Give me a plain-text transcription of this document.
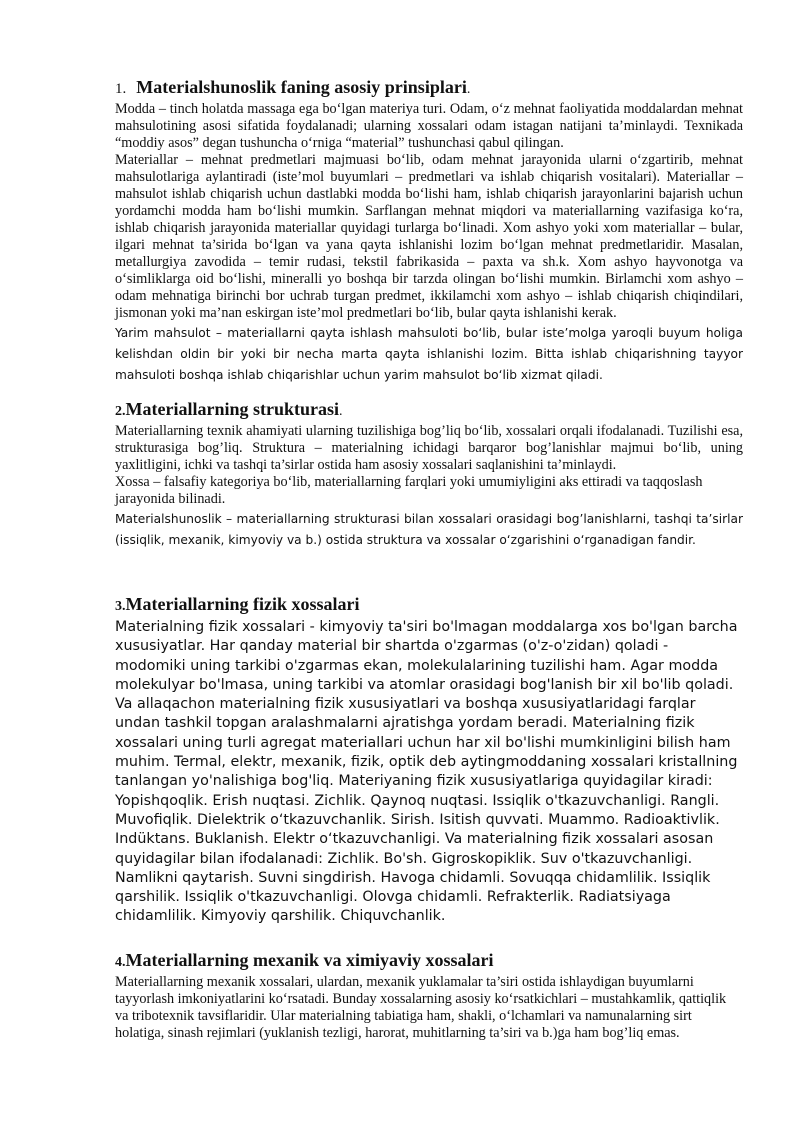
1. Materialshunoslik faning asosiy prinsiplari.

Modda – tinch holatda massaga ega bo‘lgan materiya turi. Odam, o‘z mehnat faoliyatida moddalardan mehnat mahsulotining asosi sifatida foydalanadi; ularning xossalari odam istagan natijani ta’minlaydi. Texnikada “moddiy asos” degan tushuncha o‘rniga “material” tushunchasi qabul qilingan.

Materiallar – mehnat predmetlari majmuasi bo‘lib, odam mehnat jarayonida ularni o‘zgartirib, mehnat mahsulotlariga aylantiradi (iste’mol buyumlari – predmetlari va ishlab chiqarish vositalari). Materiallar – mahsulot ishlab chiqarish uchun dastlabki modda bo‘lishi ham, ishlab chiqarish jarayonlarini bajarish uchun yordamchi modda ham bo‘lishi mumkin. Sarflangan mehnat miqdori va materiallarning vazifasiga ko‘ra, ishlab chiqarish jarayonida materiallar quyidagi turlarga bo‘linadi. Xom ashyo yoki xom materiallar – bular, ilgari mehnat ta’sirida bo‘lgan va yana qayta ishlanishi lozim bo‘lgan mehnat predmetlaridir. Masalan, metallurgiya zavodida – temir rudasi, tekstil fabrikasida – paxta va sh.k. Xom ashyo hayvonotga va o‘simliklarga oid bo‘lishi, mineralli yo boshqa bir tarzda olingan bo‘lishi mumkin. Birlamchi xom ashyo – odam mehnatiga birinchi bor uchrab turgan predmet, ikkilamchi xom ashyo – ishlab chiqarish chiqindilari, jismonan yoki ma’nan eskirgan iste’mol predmetlari bo‘lib, bular qayta ishlanishi kerak.

Yarim mahsulot – materiallarni qayta ishlash mahsuloti bo‘lib, bular iste’molga yaroqli buyum holiga kelishdan oldin bir yoki bir necha marta qayta ishlanishi lozim. Bitta ishlab chiqarishning tayyor mahsuloti boshqa ishlab chiqarishlar uchun yarim mahsulot bo‘lib xizmat qiladi.

2.Materiallarning strukturasi.

Materiallarning texnik ahamiyati ularning tuzilishiga bog’liq bo‘lib, xossalari orqali ifodalanadi. Tuzilishi esa, strukturasiga bog’liq. Struktura – materialning ichidagi barqaror bog’lanishlar majmui bo‘lib, uning yaxlitligini, ichki va tashqi ta’sirlar ostida ham asosiy xossalari saqlanishini ta’minlaydi.

Xossa – falsafiy kategoriya bo‘lib, materiallarning farqlari yoki umumiyligini aks ettiradi va taqqoslash jarayonida bilinadi.

Materialshunoslik – materiallarning strukturasi bilan xossalari orasidagi bog’lanishlarni, tashqi ta’sirlar (issiqlik, mexanik, kimyoviy va b.) ostida struktura va xossalar o‘zgarishini o‘rganadigan fandir.

3.Materiallarning fizik xossalari

Materialning fizik xossalari - kimyoviy ta'siri bo'lmagan moddalarga xos bo'lgan barcha xususiyatlar. Har qanday material bir shartda o'zgarmas (o'z-o'zidan) qoladi - modomiki uning tarkibi o'zgarmas ekan, molekulalarining tuzilishi ham. Agar modda molekulyar bo'lmasa, uning tarkibi va atomlar orasidagi bog'lanish bir xil bo'lib qoladi. Va allaqachon materialning fizik xususiyatlari va boshqa xususiyatlaridagi farqlar undan tashkil topgan aralashmalarni ajratishga yordam beradi. Materialning fizik xossalari uning turli agregat materiallari uchun har xil bo'lishi mumkinligini bilish ham muhim. Termal, elektr, mexanik, fizik, optik deb aytingmoddaning xossalari kristallning tanlangan yo'nalishiga bog'liq. Materiyaning fizik xususiyatlariga quyidagilar kiradi: Yopishqoqlik. Erish nuqtasi. Zichlik. Qaynoq nuqtasi. Issiqlik o'tkazuvchanligi. Rangli. Muvofiqlik. Dielektrik o‘tkazuvchanlik. Sirish. Isitish quvvati. Muammo. Radioaktivlik. Indüktans. Buklanish. Elektr o‘tkazuvchanligi. Va materialning fizik xossalari asosan quyidagilar bilan ifodalanadi: Zichlik. Bo'sh. Gigroskopiklik. Suv o'tkazuvchanligi. Namlikni qaytarish. Suvni singdirish. Havoga chidamli. Sovuqqa chidamlilik. Issiqlik qarshilik. Issiqlik o'tkazuvchanligi. Olovga chidamli. Refrakterlik. Radiatsiyaga chidamlilik. Kimyoviy qarshilik. Chiquvchanlik.

4.Materiallarning mexanik va ximiyaviy xossalari

Materiallarning mexanik xossalari, ulardan, mexanik yuklamalar ta’siri ostida ishlaydigan buyumlarni tayyorlash imkoniyatlarini ko‘rsatadi. Bunday xossalarning asosiy ko‘rsatkichlari – mustahkamlik, qattiqlik va tribotexnik tavsiflaridir. Ular materialning tabiatiga ham, shakli, o‘lchamlari va namunalarning sirt holatiga, sinash rejimlari (yuklanish tezligi, harorat, muhitlarning ta’siri va b.)ga ham bog’liq emas.
